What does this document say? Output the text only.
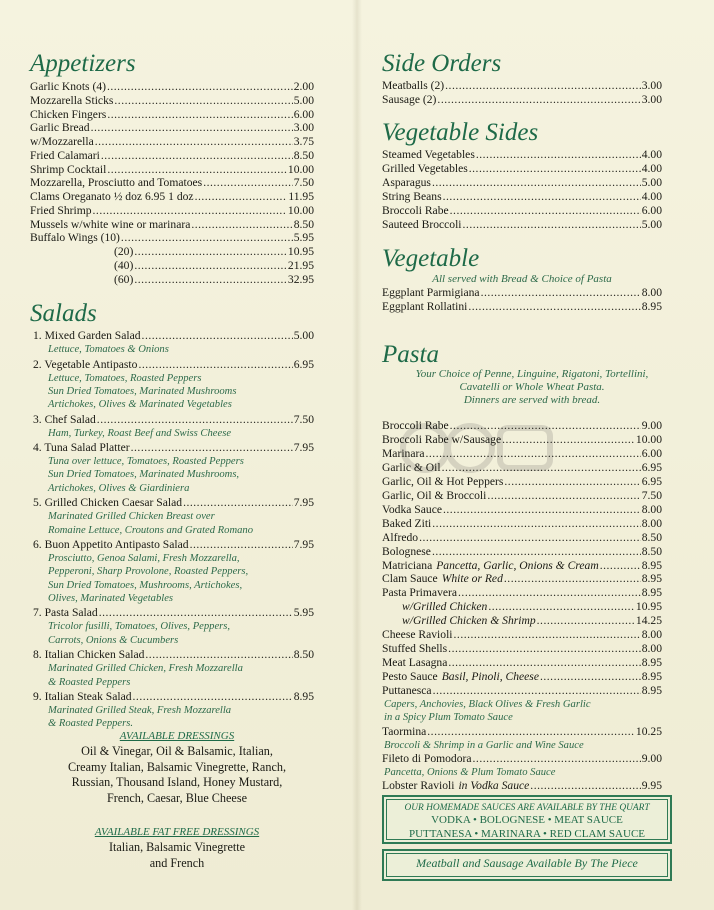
Appetizers
Garlic Knots (4) .....	2.00
Mozzarella Sticks .....	5.00
Chicken Fingers .....	6.00
Garlic Bread .....	3.00
w/Mozzarella .....	3.75
Fried Calamari .....	8.50
Shrimp Cocktail .....	10.00
Mozzarella, Prosciutto and Tomatoes .....	7.50
Clams Oreganato ½ doz 6.95 1 doz .....	11.95
Fried Shrimp .....	10.00
Mussels w/white wine or marinara .....	8.50
Buffalo Wings (10) .....	5.95
(20) .....	10.95
(40) .....	21.95
(60) .....	32.95
Salads
1. Mixed Garden Salad .....	5.00
Lettuce, Tomatoes & Onions
2. Vegetable Antipasto .....	6.95
Lettuce, Tomatoes, Roasted Peppers
Sun Dried Tomatoes, Marinated Mushrooms
Artichokes, Olives & Marinated Vegetables
3. Chef Salad .....	7.50
Ham, Turkey, Roast Beef and Swiss Cheese
4. Tuna Salad Platter .....	7.95
Tuna over lettuce, Tomatoes, Roasted Peppers
Sun Dried Tomatoes, Marinated Mushrooms,
Artichokes, Olives & Giardiniera
5. Grilled Chicken Caesar Salad .....	7.95
Marinated Grilled Chicken Breast over
Romaine Lettuce, Croutons and Grated Romano
6. Buon Appetito Antipasto Salad .....	7.95
Prosciutto, Genoa Salami, Fresh Mozzarella,
Pepperoni, Sharp Provolone, Roasted Peppers,
Sun Dried Tomatoes, Mushrooms, Artichokes,
Olives, Marinated Vegetables
7. Pasta Salad .....	5.95
Tricolor fusilli, Tomatoes, Olives, Peppers,
Carrots, Onions & Cucumbers
8. Italian Chicken Salad .....	8.50
Marinated Grilled Chicken, Fresh Mozzarella
& Roasted Peppers
9. Italian Steak Salad .....	8.95
Marinated Grilled Steak, Fresh Mozzarella
& Roasted Peppers.
AVAILABLE DRESSINGS
Oil & Vinegar, Oil & Balsamic, Italian,
Creamy Italian, Balsamic Vinegrette, Ranch,
Russian, Thousand Island, Honey Mustard,
French, Caesar, Blue Cheese
AVAILABLE FAT FREE DRESSINGS
Italian, Balsamic Vinegrette
and French
Side Orders
Meatballs (2) .....	3.00
Sausage (2) .....	3.00
Vegetable Sides
Steamed Vegetables .....	4.00
Grilled Vegetables .....	4.00
Asparagus .....	5.00
String Beans .....	4.00
Broccoli Rabe .....	6.00
Sauteed Broccoli .....	5.00
Vegetable
All served with Bread & Choice of Pasta
Eggplant Parmigiana .....	8.00
Eggplant Rollatini .....	8.95
Pasta
Your Choice of Penne, Linguine, Rigatoni, Tortellini,
Cavatelli or Whole Wheat Pasta.
Dinners are served with bread.
Broccoli Rabe .....	9.00
Broccoli Rabe w/Sausage .....	10.00
Marinara .....	6.00
Garlic & Oil .....	6.95
Garlic, Oil & Hot Peppers .....	6.95
Garlic, Oil & Broccoli .....	7.50
Vodka Sauce .....	8.00
Baked Ziti .....	8.00
Alfredo .....	8.50
Bolognese .....	8.50
Matriciana Pancetta, Garlic, Onions & Cream .....	8.95
Clam Sauce White or Red .....	8.95
Pasta Primavera .....	8.95
w/Grilled Chicken .....	10.95
w/Grilled Chicken & Shrimp .....	14.25
Cheese Ravioli .....	8.00
Stuffed Shells .....	8.00
Meat Lasagna .....	8.95
Pesto Sauce Basil, Pinoli, Cheese .....	8.95
Puttanesca .....	8.95
Capers, Anchovies, Black Olives & Fresh Garlic
in a Spicy Plum Tomato Sauce
Taormina .....	10.25
Broccoli & Shrimp in a Garlic and Wine Sauce
Fileto di Pomodora .....	9.00
Pancetta, Onions & Plum Tomato Sauce
Lobster Ravioli in Vodka Sauce .....	9.95
OUR HOMEMADE SAUCES ARE AVAILABLE BY THE QUART
VODKA • BOLOGNESE • MEAT SAUCE
PUTTANESA • MARINARA • RED CLAM SAUCE
Meatball and Sausage Available By The Piece
